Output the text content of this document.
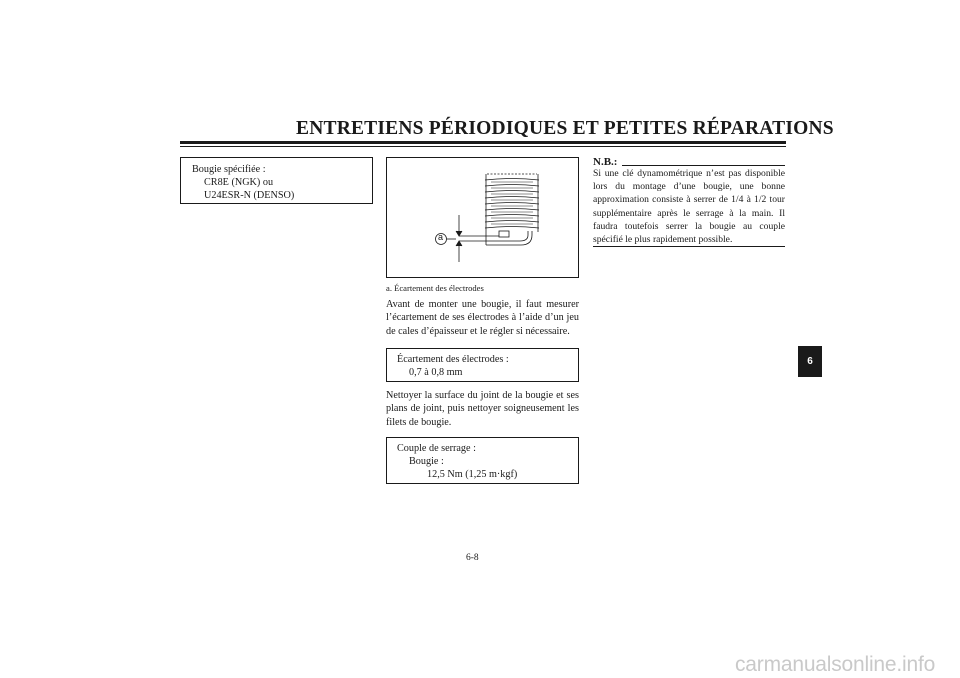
ENTRETIENS PÉRIODIQUES ET PETITES RÉPARATIONS
Bougie spécifiée :
CR8E (NGK) ou
U24ESR-N (DENSO)
a
a. Écartement des électrodes

Avant de monter une bougie, il faut mesurer l’écartement de ses électrodes à l’aide d’un jeu de cales d’épaisseur et le régler si nécessaire.

Écartement des électrodes :
0,7 à 0,8 mm

Nettoyer la surface du joint de la bougie et ses plans de joint, puis nettoyer soigneusement les filets de bougie.

Couple de serrage :
Bougie :
12,5 Nm (1,25 m·kgf)
N.B.:

Si une clé dynamométrique n’est pas disponible lors du montage d’une bougie, une bonne approximation consiste à serrer de 1/4 à 1/2 tour supplémentaire après le serrage à la main. Il faudra toutefois serrer la bougie au couple spécifié le plus rapidement possible.

6
6-8
carmanualsonline.info
